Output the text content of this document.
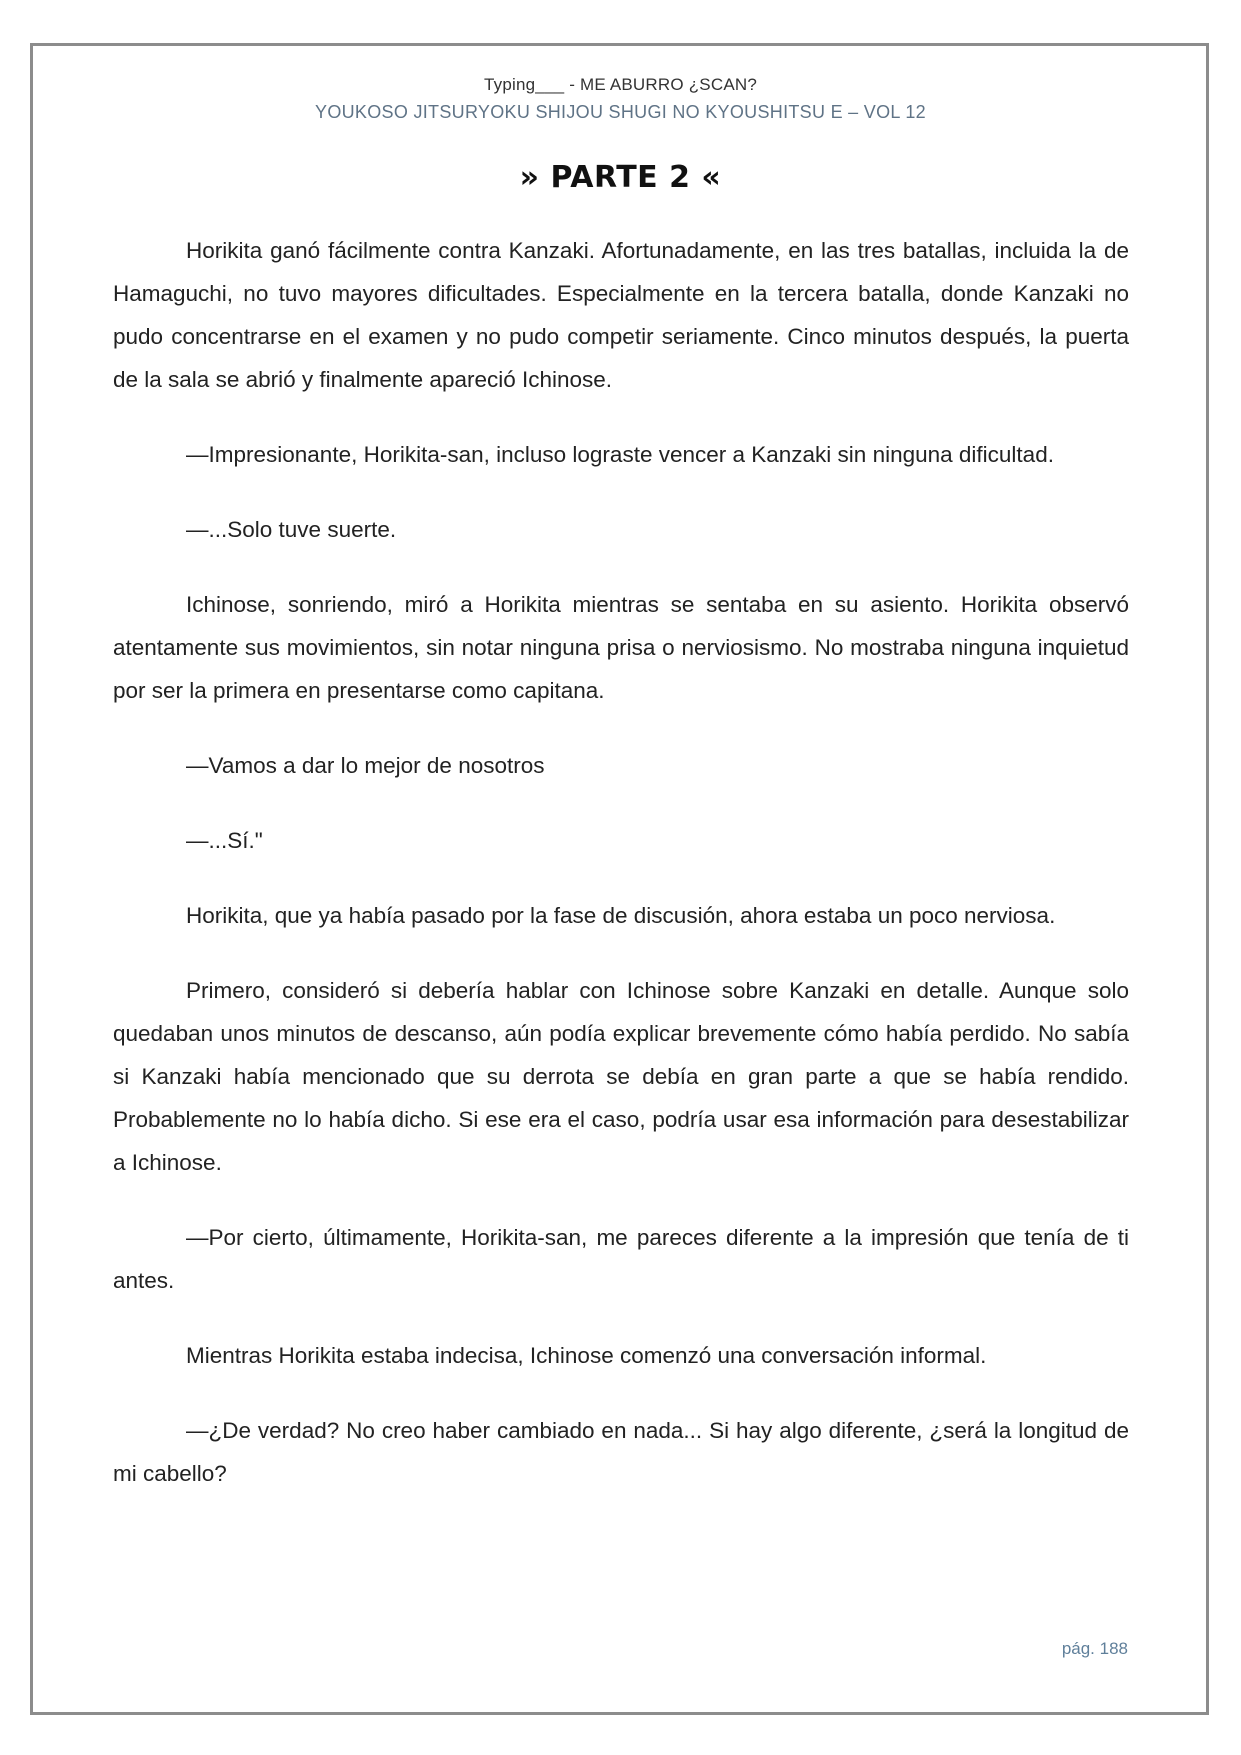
Typing___ - ME ABURRO ¿SCAN?
YOUKOSO JITSURYOKU SHIJOU SHUGI NO KYOUSHITSU E – VOL 12
» PARTE 2 «

Horikita ganó fácilmente contra Kanzaki. Afortunadamente, en las tres batallas, incluida la de Hamaguchi, no tuvo mayores dificultades. Especialmente en la tercera batalla, donde Kanzaki no pudo concentrarse en el examen y no pudo competir seriamente. Cinco minutos después, la puerta de la sala se abrió y finalmente apareció Ichinose.

—Impresionante, Horikita-san, incluso lograste vencer a Kanzaki sin ninguna dificultad.

—...Solo tuve suerte.

Ichinose, sonriendo, miró a Horikita mientras se sentaba en su asiento. Horikita observó atentamente sus movimientos, sin notar ninguna prisa o nerviosismo. No mostraba ninguna inquietud por ser la primera en presentarse como capitana.

—Vamos a dar lo mejor de nosotros

—...Sí."

Horikita, que ya había pasado por la fase de discusión, ahora estaba un poco nerviosa.

Primero, consideró si debería hablar con Ichinose sobre Kanzaki en detalle. Aunque solo quedaban unos minutos de descanso, aún podía explicar brevemente cómo había perdido. No sabía si Kanzaki había mencionado que su derrota se debía en gran parte a que se había rendido. Probablemente no lo había dicho. Si ese era el caso, podría usar esa información para desestabilizar a Ichinose.

—Por cierto, últimamente, Horikita-san, me pareces diferente a la impresión que tenía de ti antes.

Mientras Horikita estaba indecisa, Ichinose comenzó una conversación informal.

—¿De verdad? No creo haber cambiado en nada... Si hay algo diferente, ¿será la longitud de mi cabello?

pág. 188
